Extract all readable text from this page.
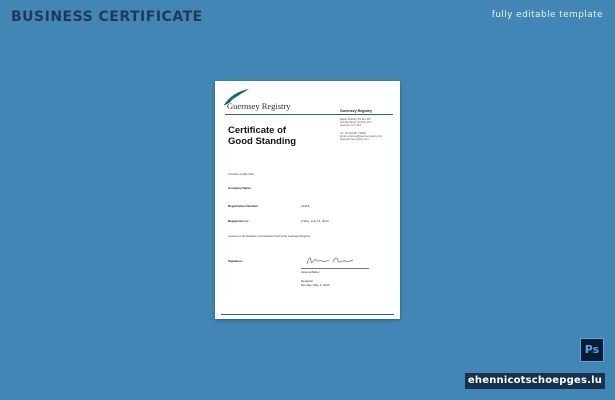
BUSINESS CERTIFICATE	fully editable template
Guernsey Registry	Guernsey Registry
Market Building, PO Box 451
Fountain Street, St Peter Port
Guernsey GY1 3GX
Tel: +44 (0)1481 743800
Email: enquiries@guernseyregistry.com
www.guernseyregistry.com
Certificate of
Good Standing
I hereby certify that:
Company Name:
Registration Number:	21318
Registered on:	Friday, July 16, 2010
remains on the Register of Companies held at the Guernsey Registry.
Signature:
Helena Bailey
Registrar
Monday, May 4, 2020
Ps
ehennicotschoepges.lu
